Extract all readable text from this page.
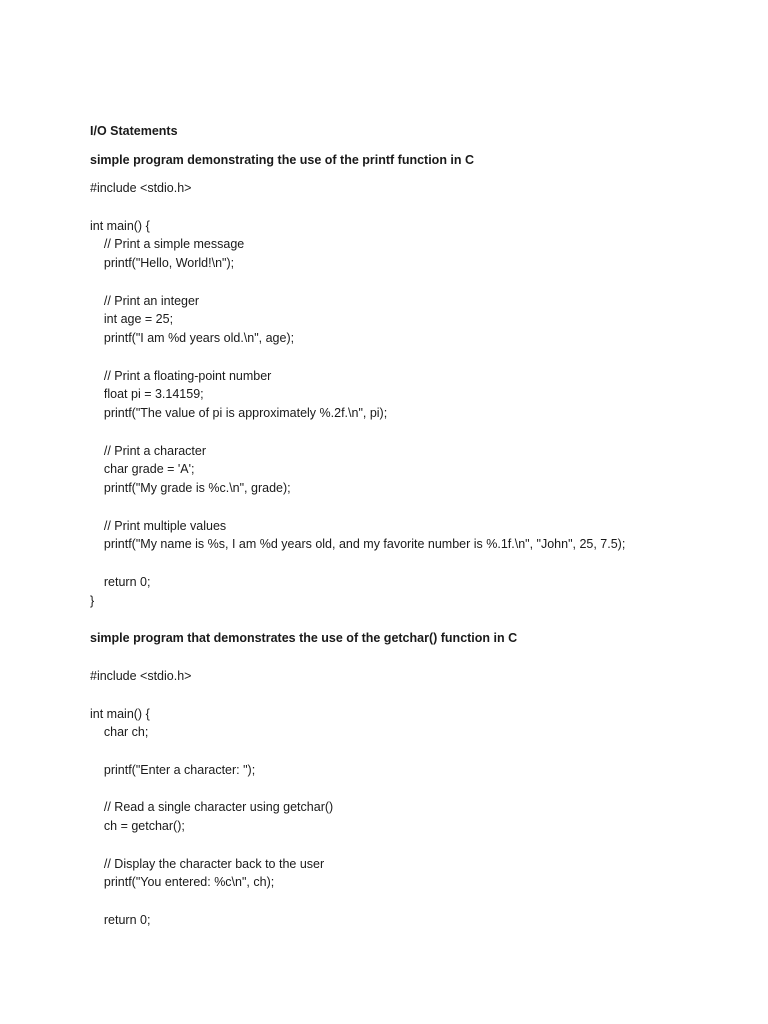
I/O Statements
simple program demonstrating the use of the printf function in C
#include <stdio.h>
int main() {
// Print a simple message
printf("Hello, World!\n");
// Print an integer
int age = 25;
printf("I am %d years old.\n", age);
// Print a floating-point number
float pi = 3.14159;
printf("The value of pi is approximately %.2f.\n", pi);
// Print a character
char grade = 'A';
printf("My grade is %c.\n", grade);
// Print multiple values
printf("My name is %s, I am %d years old, and my favorite number is %.1f.\n", "John", 25, 7.5);
return 0;
}
simple program that demonstrates the use of the getchar() function in C
#include <stdio.h>
int main() {
char ch;
printf("Enter a character: ");
// Read a single character using getchar()
ch = getchar();
// Display the character back to the user
printf("You entered: %c\n", ch);
return 0;
